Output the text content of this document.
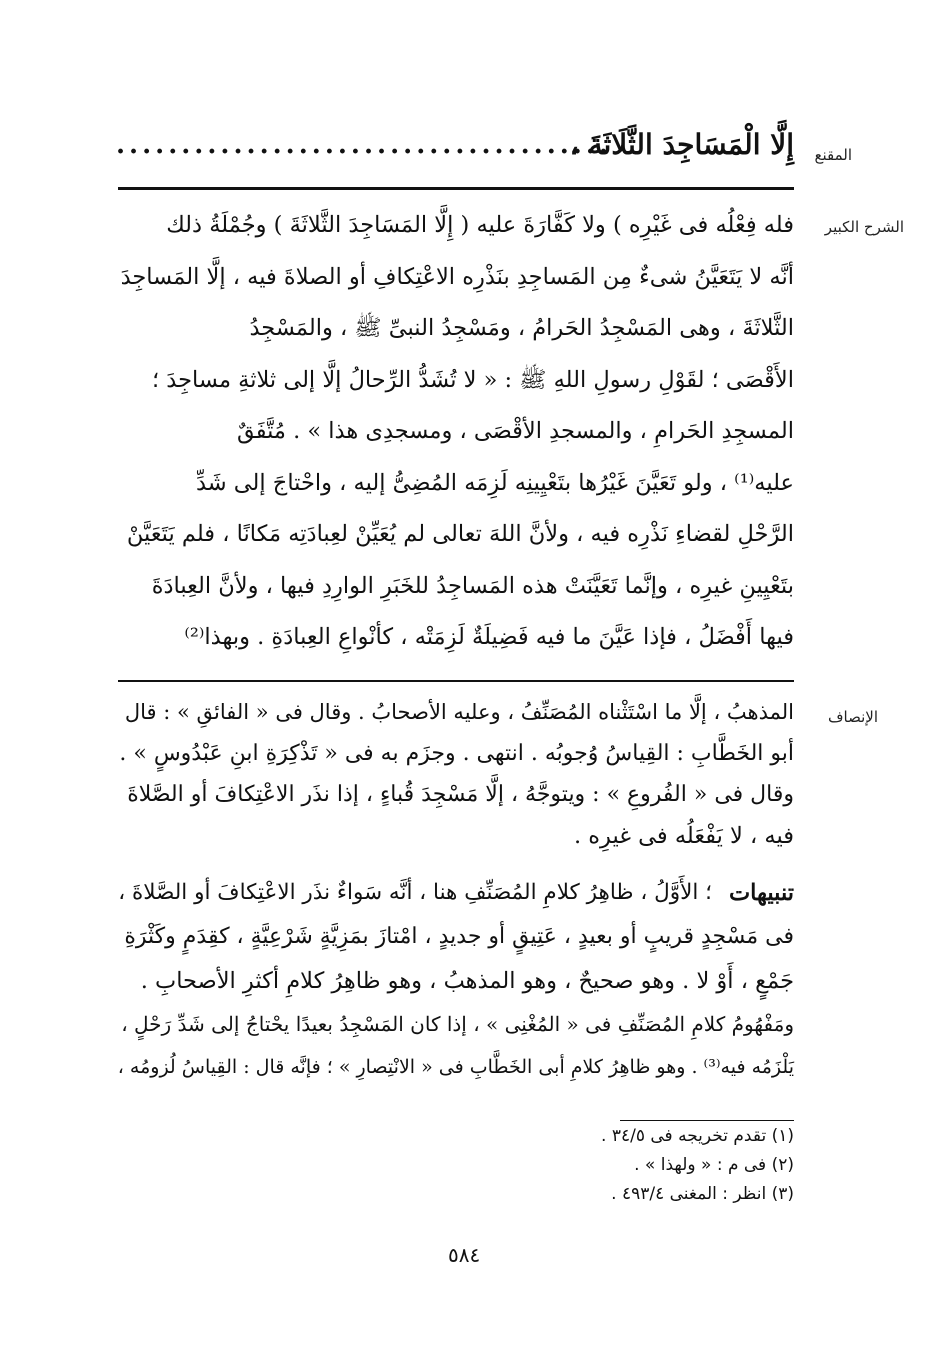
المقنع
إِلَّا الْمَسَاجِدَ الثَّلَاثَةَ ،
......................................
الشرح الكبير
فله فِعْلُه فى غَيْرِه ) ولا كَفَّارَةَ عليه ( إِلَّا المَسَاجِدَ الثَّلاثَةَ ) وجُمْلَةُ ذلك
أنَّه لا يَتَعَيَّنُ شىءٌ مِن المَساجِدِ بنَذْرِه الاعْتِكافِ أو الصلاةَ فيه ، إلَّا المَساجِدَ
الثَّلاثَةَ ، وهى المَسْجِدُ الحَرامُ ، ومَسْجِدُ النبىِّ ﷺ ، والمَسْجِدُ
الأَقْصَى ؛ لقَوْلِ رسولِ اللهِ ﷺ : « لا تُشَدُّ الرِّحالُ إلَّا إلى ثلاثةِ مساجِدَ ؛
المسجِدِ الحَرامِ ، والمسجدِ الأقْصَى ، ومسجدِى هذا » . مُتَّفَقٌ
عليه⁽¹⁾ ، ولو تَعَيَّنَ غَيْرُها بتَعْيِينِه لَزِمَه المُضِىُّ إليه ، واحْتاجَ إلى شَدِّ
الرَّحْلِ لقضاءِ نَذْرِه فيه ، ولأنَّ اللهَ تعالى لم يُعَيِّنْ لعِبادَتِه مَكانًا ، فلم يَتَعَيَّنْ
بتَعْيِينِ غيرِه ، وإنَّما تَعَيَّنَتْ هذه المَساجِدُ للخَبَرِ الوارِدِ فيها ، ولأنَّ العِبادَةَ
فيها أَفْضَلُ ، فإذا عَيَّنَ ما فيه فَضِيلَةٌ لَزِمَتْه ، كأنْواعِ العِبادَةِ . وبهذا⁽²⁾
الإنصاف
المذهبُ ، إلَّا ما اسْتَثْناه المُصَنِّفُ ، وعليه الأصحابُ . وقال فى « الفائقِ » : قال
أبو الخَطَّابِ : القِياسُ وُجوبُه . انتهى . وجزَم به فى « تَذْكِرَةِ ابنِ عَبْدُوسٍ » .
وقال فى « الفُروعِ » : ويتوجَّهُ ، إلَّا مَسْجِدَ قُباءٍ ، إذا نذَر الاعْتِكافَ أو الصَّلاةَ
فيه ، لا يَفْعَلُه فى غيرِه .
تنبيهات
؛ الأَوَّلُ ، ظاهِرُ كلامِ المُصَنِّفِ هنا ، أنَّه سَواءٌ نذَر الاعْتِكافَ أو الصَّلاةَ ،
فى مَسْجِدٍ قريبٍ أو بعيدٍ ، عَتِيقٍ أو جديدٍ ، امْتازَ بمَزِيَّةٍ شَرْعِيَّةٍ ، كقِدَمٍ وكَثْرَةِ
جَمْعٍ ، أَوْ لا . وهو صحيحٌ ، وهو المذهبُ ، وهو ظاهِرُ كلامِ أكثرِ الأصحابِ .
ومَفْهُومُ كلامِ المُصَنِّفِ فى « المُغْنِى » ، إذا كان المَسْجِدُ بعيدًا يحْتاجُ إلى شَدِّ رَحْلٍ ،
يَلْزَمُه فيه⁽³⁾ . وهو ظاهِرُ كلامِ أبى الخَطَّابِ فى « الانْتِصارِ » ؛ فإنَّه قال : القِياسُ لُزومُه ،
(١) تقدم تخريجه فى ٣٤/٥ .
(٢) فى م : « ولهذا » .
(٣) انظر : المغنى ٤٩٣/٤ .
٥٨٤
